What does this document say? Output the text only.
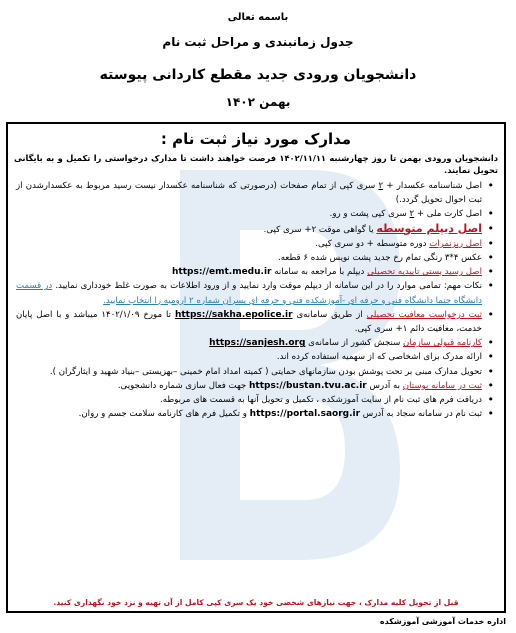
باسمه تعالی
جدول زمانبندی و مراحل ثبت نام
دانشجویان ورودی جدید مقطع کاردانی پیوسته
بهمن ۱۴۰۲
مدارک مورد نیاز ثبت نام :
دانشجویان ورودی بهمن تا روز چهارشنبه ۱۴۰۲/۱۱/۱۱ فرصت خواهند داشت تا مدارک درخواستی را تکمیل و به بایگانی تحویل نمایند.
• اصل شناسنامه عکسدار + ۲ سری کپی از تمام صفحات (درصورتی که شناسنامه عکسدار نیست رسید مربوط به عکسدارشدن از ثبت احوال تحویل گردد.)
• اصل کارت ملی + ۲ سری کپی پشت و رو.
• اصل دیپلم متوسطه یا گواهی موقت ۲+ سری کپی.
• اصل ریزنمرات دوره متوسطه + دو سری کپی.
• عکس ۴*۳ رنگی تمام رخ جدید پشت نویس شده ۶ قطعه.
• اصل رسید پستی تاییدیه تحصیلی دیپلم با مراجعه به سامانه https://emt.medu.ir
• نکات مهم: تمامی موارد را در این سامانه از دیپلم موقت وارد نمایید و از ورود اطلاعات به صورت غلط خودداری نمایید. در قسمت دانشگاه حتما دانشگاه فنی و حرفه ای -آموزشکده فنی و حرفه ای پسران شماره ۲ ارومیه را انتخاب نمایید.
• ثبت درخواست معافیت تحصیلی از طریق سامانه‌ی https://sakha.epolice.ir تا مورخ ۱۴۰۲/۱/۰۹ میباشد و با اصل پایان خدمت، معافیت دائم ۱+ سری کپی.
• کارنامه قبولی سازمان سنجش کشور از سامانه‌ی https://sanjesh.org
• ارائه مدرک برای اشخاصی که از سهمیه استفاده کرده اند.
• تحویل مدارک مبنی بر تحت پوشش بودن سازمانهای حمایتی ( کمیته امداد امام خمینی –بهزیستی –بنیاد شهید و ایثارگران ).
• ثبت در سامانه بوستان به آدرس https://bustan.tvu.ac.ir جهت فعال سازی شماره دانشجویی.
• دریافت فرم های ثبت نام از سایت آموزشکده ، تکمیل و تحویل آنها به قسمت های مربوطه.
• ثبت نام در سامانه سجاد به آدرس https://portal.saorg.ir و تکمیل فرم های کارنامه سلامت جسم و روان.
قبل از تحویل کلیه مدارک ، جهت نیازهای شخصی خود یک سری کپی کامل از آن تهیه و نزد خود نگهداری کنید.
اداره خدمات آموزشی آموزشکده
